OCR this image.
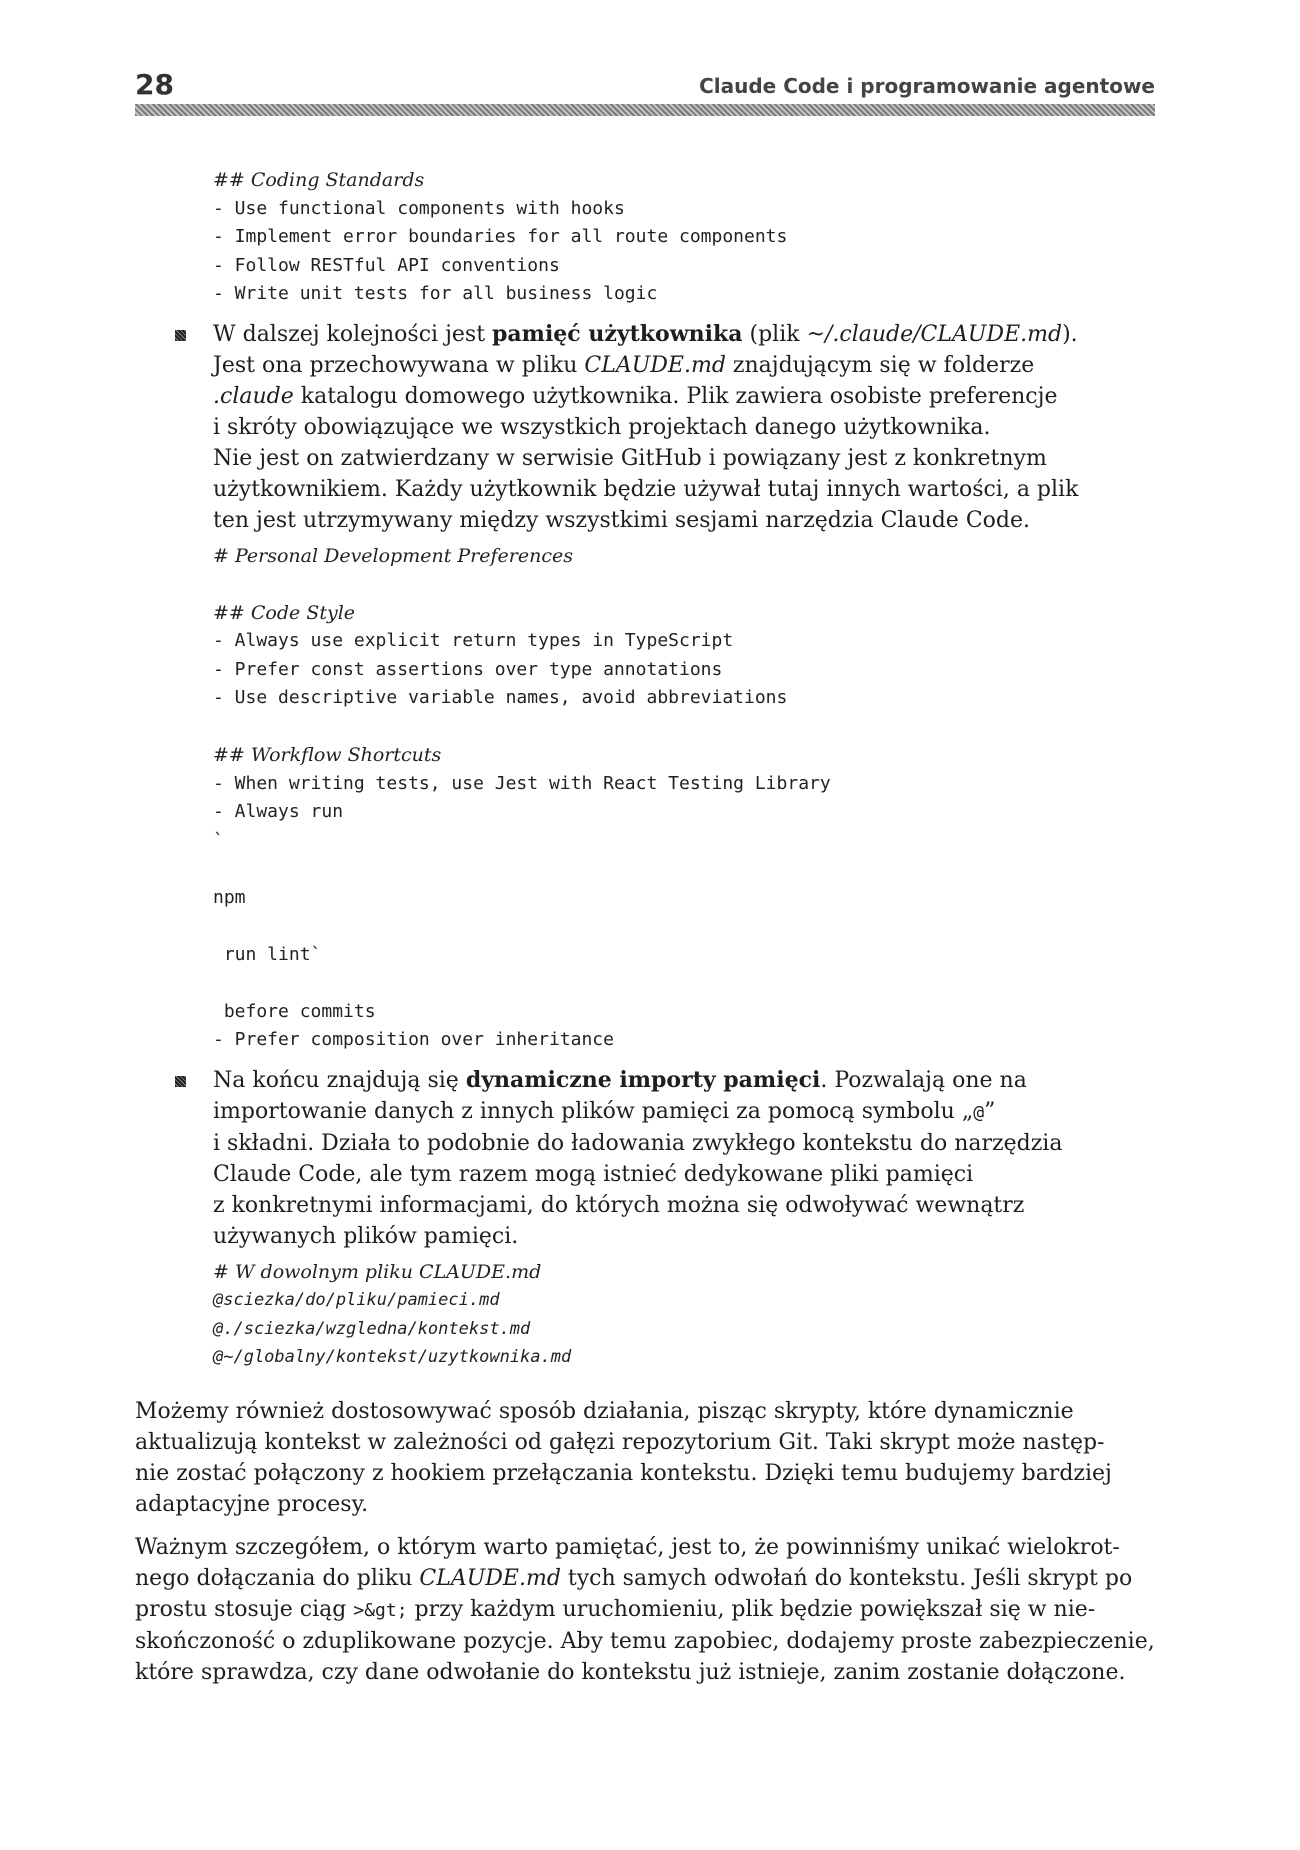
28	Claude Code i programowanie agentowe
## Coding Standards
- Use functional components with hooks
- Implement error boundaries for all route components
- Follow RESTful API conventions
- Write unit tests for all business logic

W dalszej kolejności jest pamięć użytkownika (plik ~/.claude/CLAUDE.md).

Jest ona przechowywana w pliku CLAUDE.md znajdującym się w folderze

.claude katalogu domowego użytkownika. Plik zawiera osobiste preferencje

i skróty obowiązujące we wszystkich projektach danego użytkownika.

Nie jest on zatwierdzany w serwisie GitHub i powiązany jest z konkretnym

użytkownikiem. Każdy użytkownik będzie używał tutaj innych wartości, a plik

ten jest utrzymywany między wszystkimi sesjami narzędzia Claude Code.

# Personal Development Preferences
## Code Style
- Always use explicit return types in TypeScript
- Prefer const assertions over type annotations
- Use descriptive variable names, avoid abbreviations
## Workflow Shortcuts
- When writing tests, use Jest with React Testing Library
- Always run
`
npm
run lint`
before commits
- Prefer composition over inheritance

Na końcu znajdują się dynamiczne importy pamięci. Pozwalają one na

importowanie danych z innych plików pamięci za pomocą symbolu „@”

i składni. Działa to podobnie do ładowania zwykłego kontekstu do narzędzia

Claude Code, ale tym razem mogą istnieć dedykowane pliki pamięci

z konkretnymi informacjami, do których można się odwoływać wewnątrz

używanych plików pamięci.

# W dowolnym pliku CLAUDE.md
@sciezka/do/pliku/pamieci.md
@./sciezka/wzgledna/kontekst.md
@~/globalny/kontekst/uzytkownika.md

Możemy również dostosowywać sposób działania, pisząc skrypty, które dynamicznie

aktualizują kontekst w zależności od gałęzi repozytorium Git. Taki skrypt może następ-

nie zostać połączony z hookiem przełączania kontekstu. Dzięki temu budujemy bardziej

adaptacyjne procesy.

Ważnym szczegółem, o którym warto pamiętać, jest to, że powinniśmy unikać wielokrot-

nego dołączania do pliku CLAUDE.md tych samych odwołań do kontekstu. Jeśli skrypt po

prostu stosuje ciąg >&gt; przy każdym uruchomieniu, plik będzie powiększał się w nie-

skończoność o zduplikowane pozycje. Aby temu zapobiec, dodajemy proste zabezpieczenie,

które sprawdza, czy dane odwołanie do kontekstu już istnieje, zanim zostanie dołączone.
